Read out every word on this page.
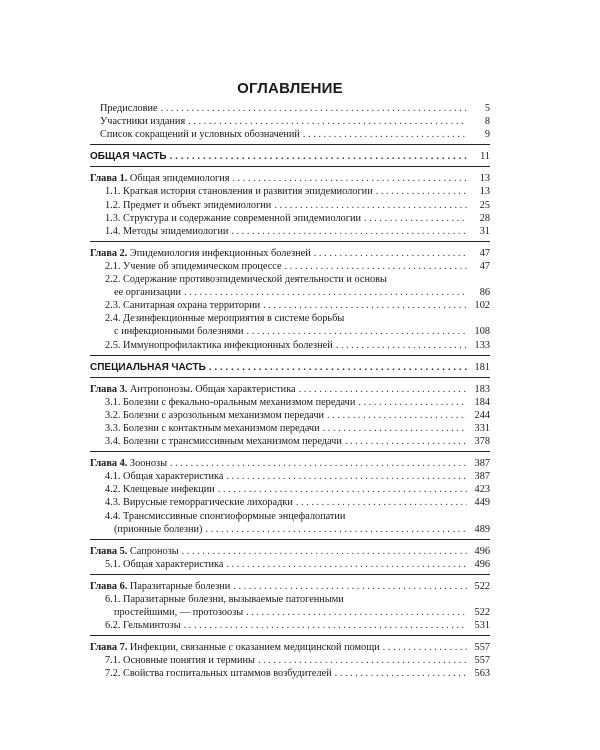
ОГЛАВЛЕНИЕ
Предисловие . . .	5
Участники издания . . .	8
Список сокращений и условных обозначений . . .	9
ОБЩАЯ ЧАСТЬ . . .	11
Глава 1. Общая эпидемиология . . .	13
1.1. Краткая история становления и развития эпидемиологии . . .	13
1.2. Предмет и объект эпидемиологии . . .	25
1.3. Структура и содержание современной эпидемиологии . . .	28
1.4. Методы эпидемиологии . . .	31
Глава 2. Эпидемиология инфекционных болезней . . .	47
2.1. Учение об эпидемическом процессе . . .	47
2.2. Содержание противоэпидемической деятельности и основы
ее организации . . .	86
2.3. Санитарная охрана территории . . .	102
2.4. Дезинфекционные мероприятия в системе борьбы
с инфекционными болезнями . . .	108
2.5. Иммунопрофилактика инфекционных болезней . . .	133
СПЕЦИАЛЬНАЯ ЧАСТЬ . . .	181
Глава 3. Антропонозы. Общая характеристика . . .	183
3.1. Болезни с фекально-оральным механизмом передачи . . .	184
3.2. Болезни с аэрозольным механизмом передачи . . .	244
3.3. Болезни с контактным механизмом передачи . . .	331
3.4. Болезни с трансмиссивным механизмом передачи . . .	378
Глава 4. Зоонозы . . .	387
4.1. Общая характеристика . . .	387
4.2. Клещевые инфекции . . .	423
4.3. Вирусные геморрагические лихорадки . . .	449
4.4. Трансмиссивные спонгиоформные энцефалопатии
(прионные болезни) . . .	489
Глава 5. Сапронозы . . .	496
5.1. Общая характеристика . . .	496
Глава 6. Паразитарные болезни . . .	522
6.1. Паразитарные болезни, вызываемые патогенными
простейшими, — протозоозы . . .	522
6.2. Гельминтозы . . .	531
Глава 7. Инфекции, связанные с оказанием медицинской помощи . . .	557
7.1. Основные понятия и термины . . .	557
7.2. Свойства госпитальных штаммов возбудителей . . .	563
